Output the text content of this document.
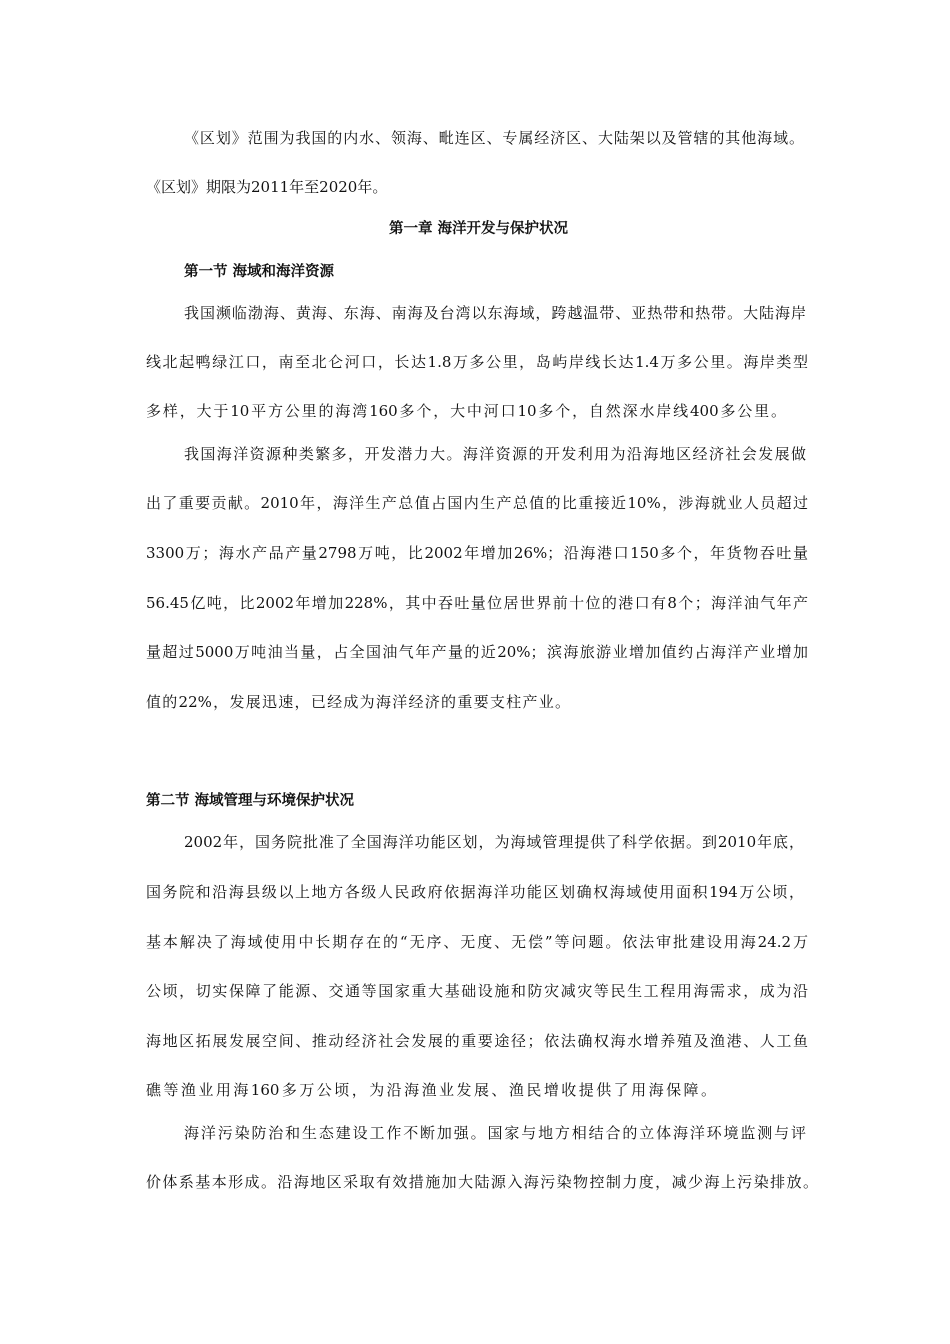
《区划》范围为我国的内水、领海、毗连区、专属经济区、大陆架以及管辖的其他海域。
《区划》期限为2011年至2020年。
第一章 海洋开发与保护状况
第一节 海域和海洋资源
我国濒临渤海、黄海、东海、南海及台湾以东海域，跨越温带、亚热带和热带。大陆海岸
线北起鸭绿江口，南至北仑河口，长达1.8万多公里，岛屿岸线长达1.4万多公里。海岸类型
多样，大于10平方公里的海湾160多个，大中河口10多个，自然深水岸线400多公里。
我国海洋资源种类繁多，开发潜力大。海洋资源的开发利用为沿海地区经济社会发展做
出了重要贡献。2010年，海洋生产总值占国内生产总值的比重接近10%，涉海就业人员超过
3300万；海水产品产量2798万吨，比2002年增加26%；沿海港口150多个，年货物吞吐量
56.45亿吨，比2002年增加228%，其中吞吐量位居世界前十位的港口有8个；海洋油气年产
量超过5000万吨油当量，占全国油气年产量的近20%；滨海旅游业增加值约占海洋产业增加
值的22%，发展迅速，已经成为海洋经济的重要支柱产业。
第二节 海域管理与环境保护状况
2002年，国务院批准了全国海洋功能区划，为海域管理提供了科学依据。到2010年底，
国务院和沿海县级以上地方各级人民政府依据海洋功能区划确权海域使用面积194万公顷，
基本解决了海域使用中长期存在的“无序、无度、无偿”等问题。依法审批建设用海24.2万
公顷，切实保障了能源、交通等国家重大基础设施和防灾减灾等民生工程用海需求，成为沿
海地区拓展发展空间、推动经济社会发展的重要途径；依法确权海水增养殖及渔港、人工鱼
礁等渔业用海160多万公顷，为沿海渔业发展、渔民增收提供了用海保障。
海洋污染防治和生态建设工作不断加强。国家与地方相结合的立体海洋环境监测与评
价体系基本形成。沿海地区采取有效措施加大陆源入海污染物控制力度，减少海上污染排放。
